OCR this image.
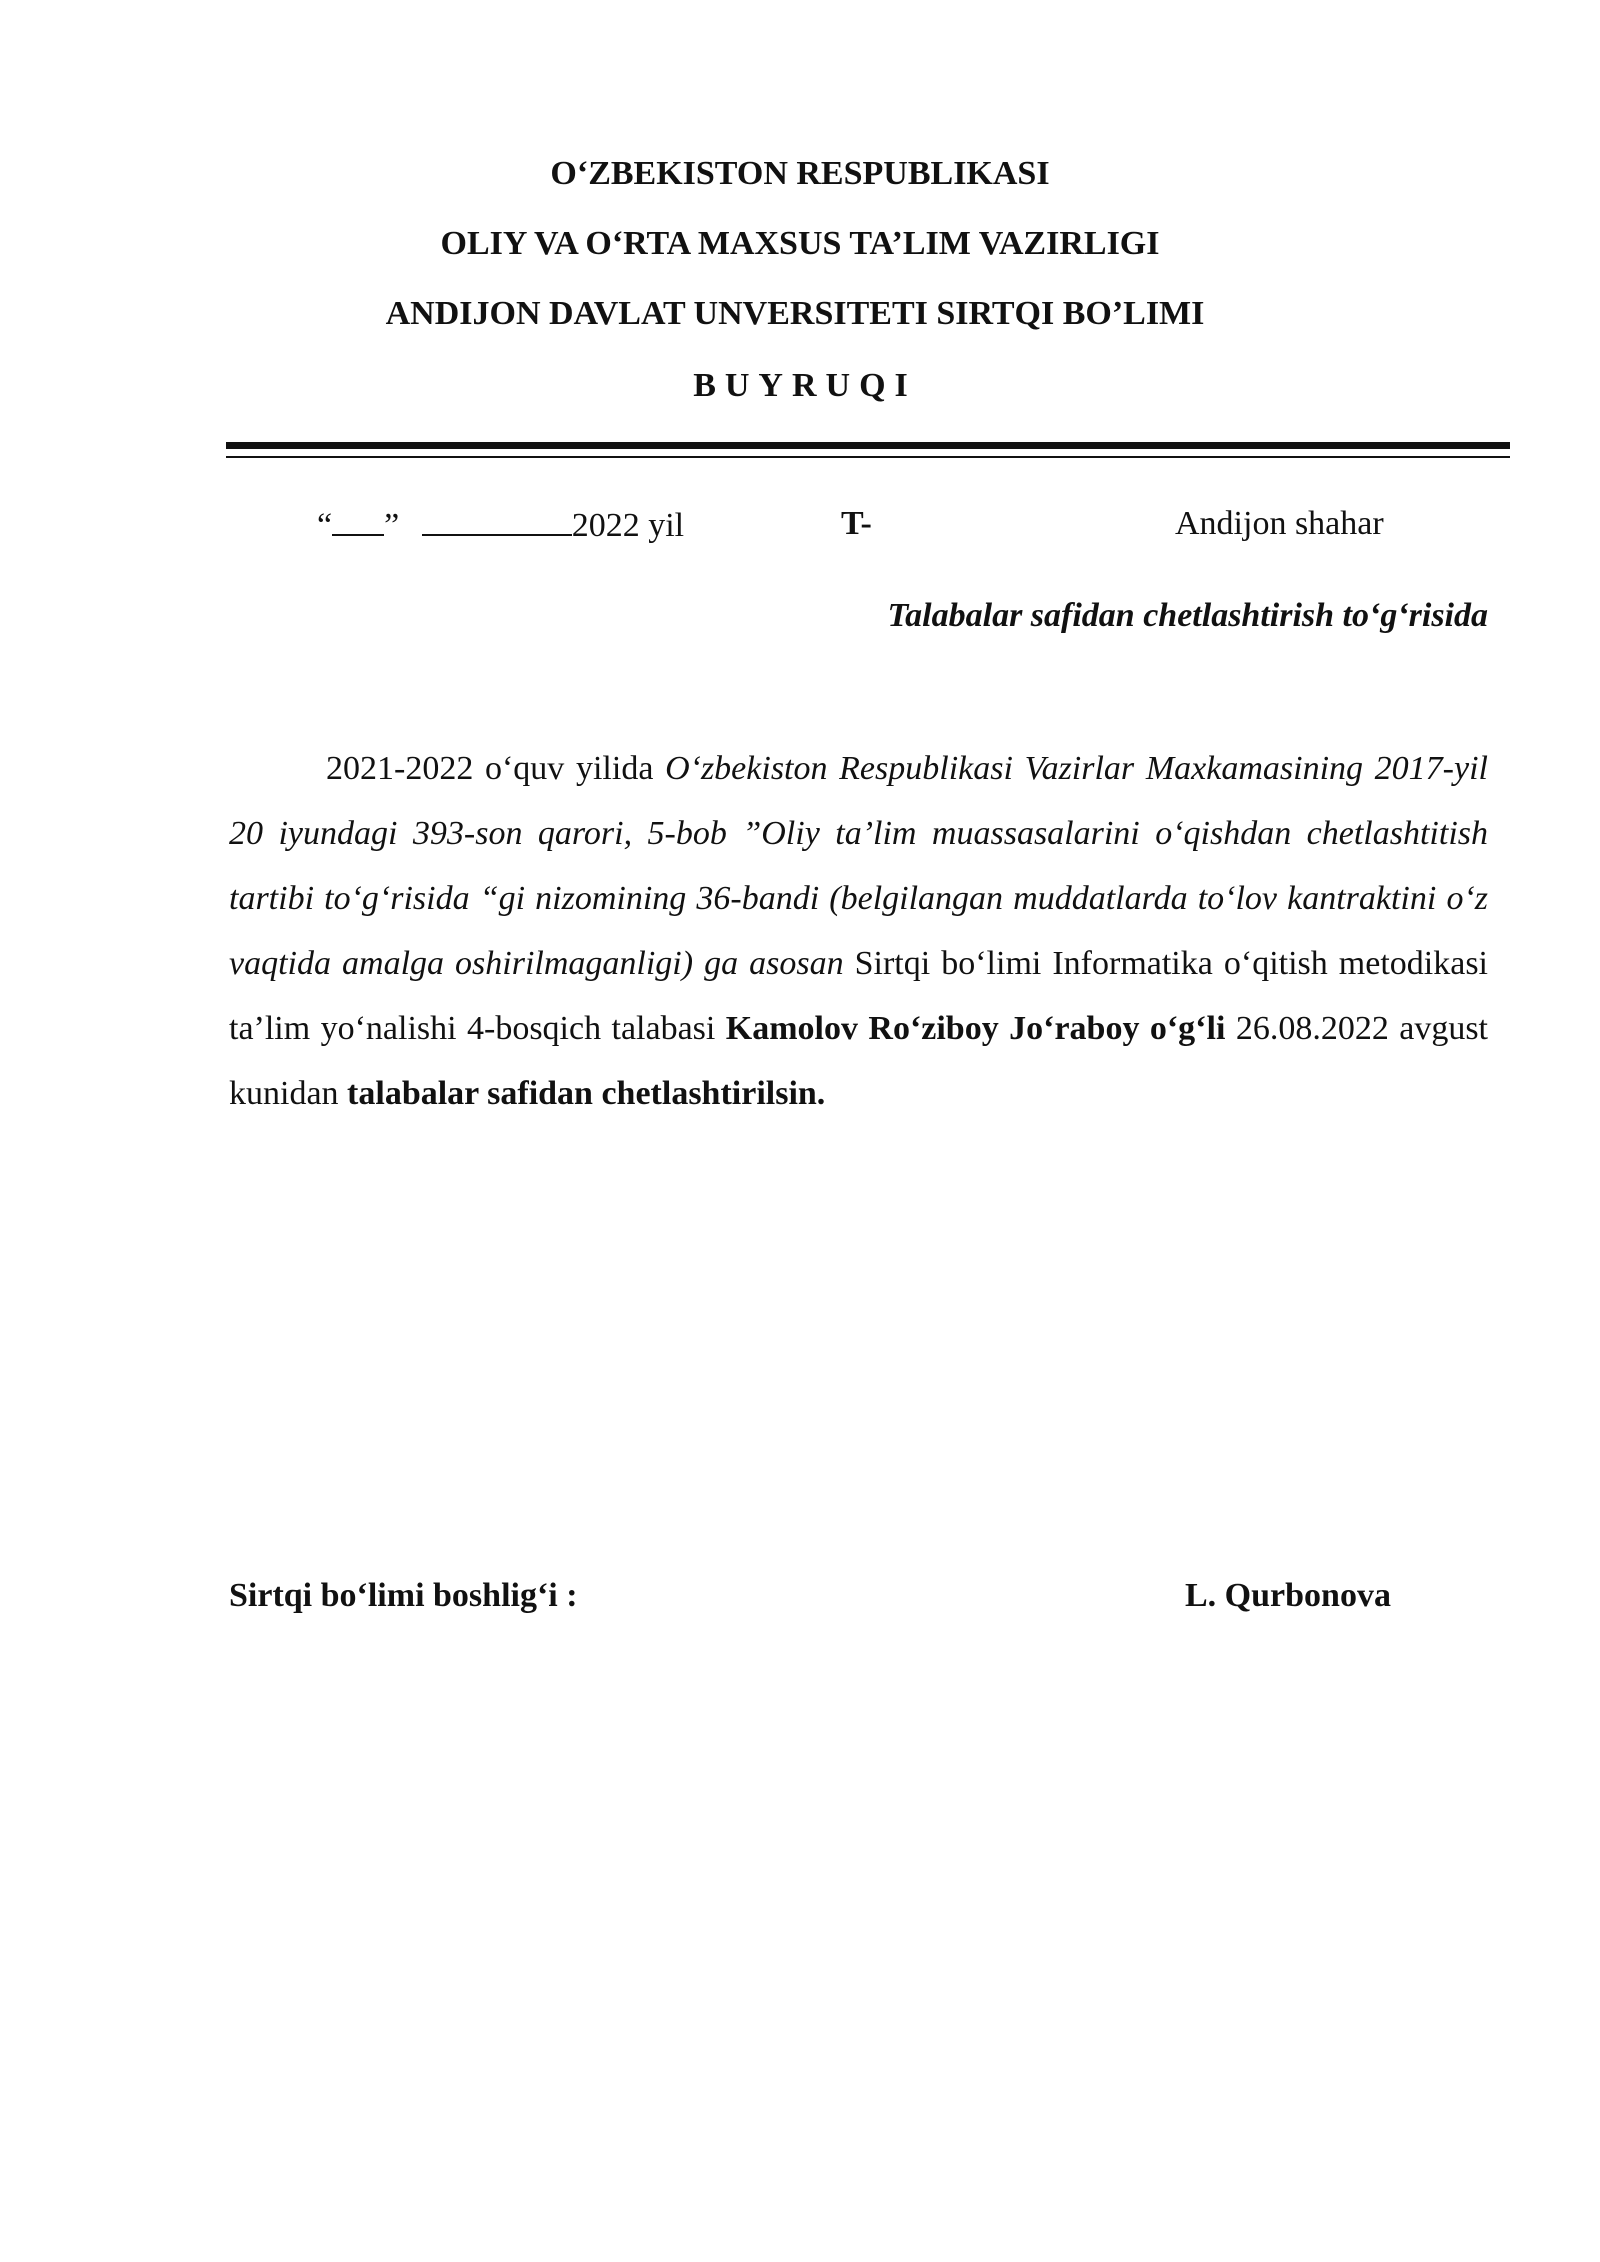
O‘ZBEKISTON RESPUBLIKASI
OLIY VA O‘RTA MAXSUS TA’LIM VAZIRLIGI
ANDIJON DAVLAT UNVERSITETI SIRTQI BO’LIMI
BUYRUQI
“ ”	2022 yil	T-	Andijon shahar
Talabalar safidan chetlashtirish to‘g‘risida
2021-2022 o‘quv yilida O‘zbekiston Respublikasi Vazirlar Maxkamasining 2017-yil 20 iyundagi 393-son qarori, 5-bob ”Oliy ta’lim muassasalarini o‘qishdan chetlashtitish tartibi to‘g‘risida “gi nizomining 36-bandi (belgilangan muddatlarda to‘lov kantraktini o‘z vaqtida amalga oshirilmaganligi) ga asosan Sirtqi bo‘limi Informatika o‘qitish metodikasi ta’lim yo‘nalishi 4-bosqich talabasi Kamolov Ro‘ziboy Jo‘raboy o‘g‘li 26.08.2022 avgust kunidan talabalar safidan chetlashtirilsin.
Sirtqi bo‘limi boshlig‘i :	L. Qurbonova
